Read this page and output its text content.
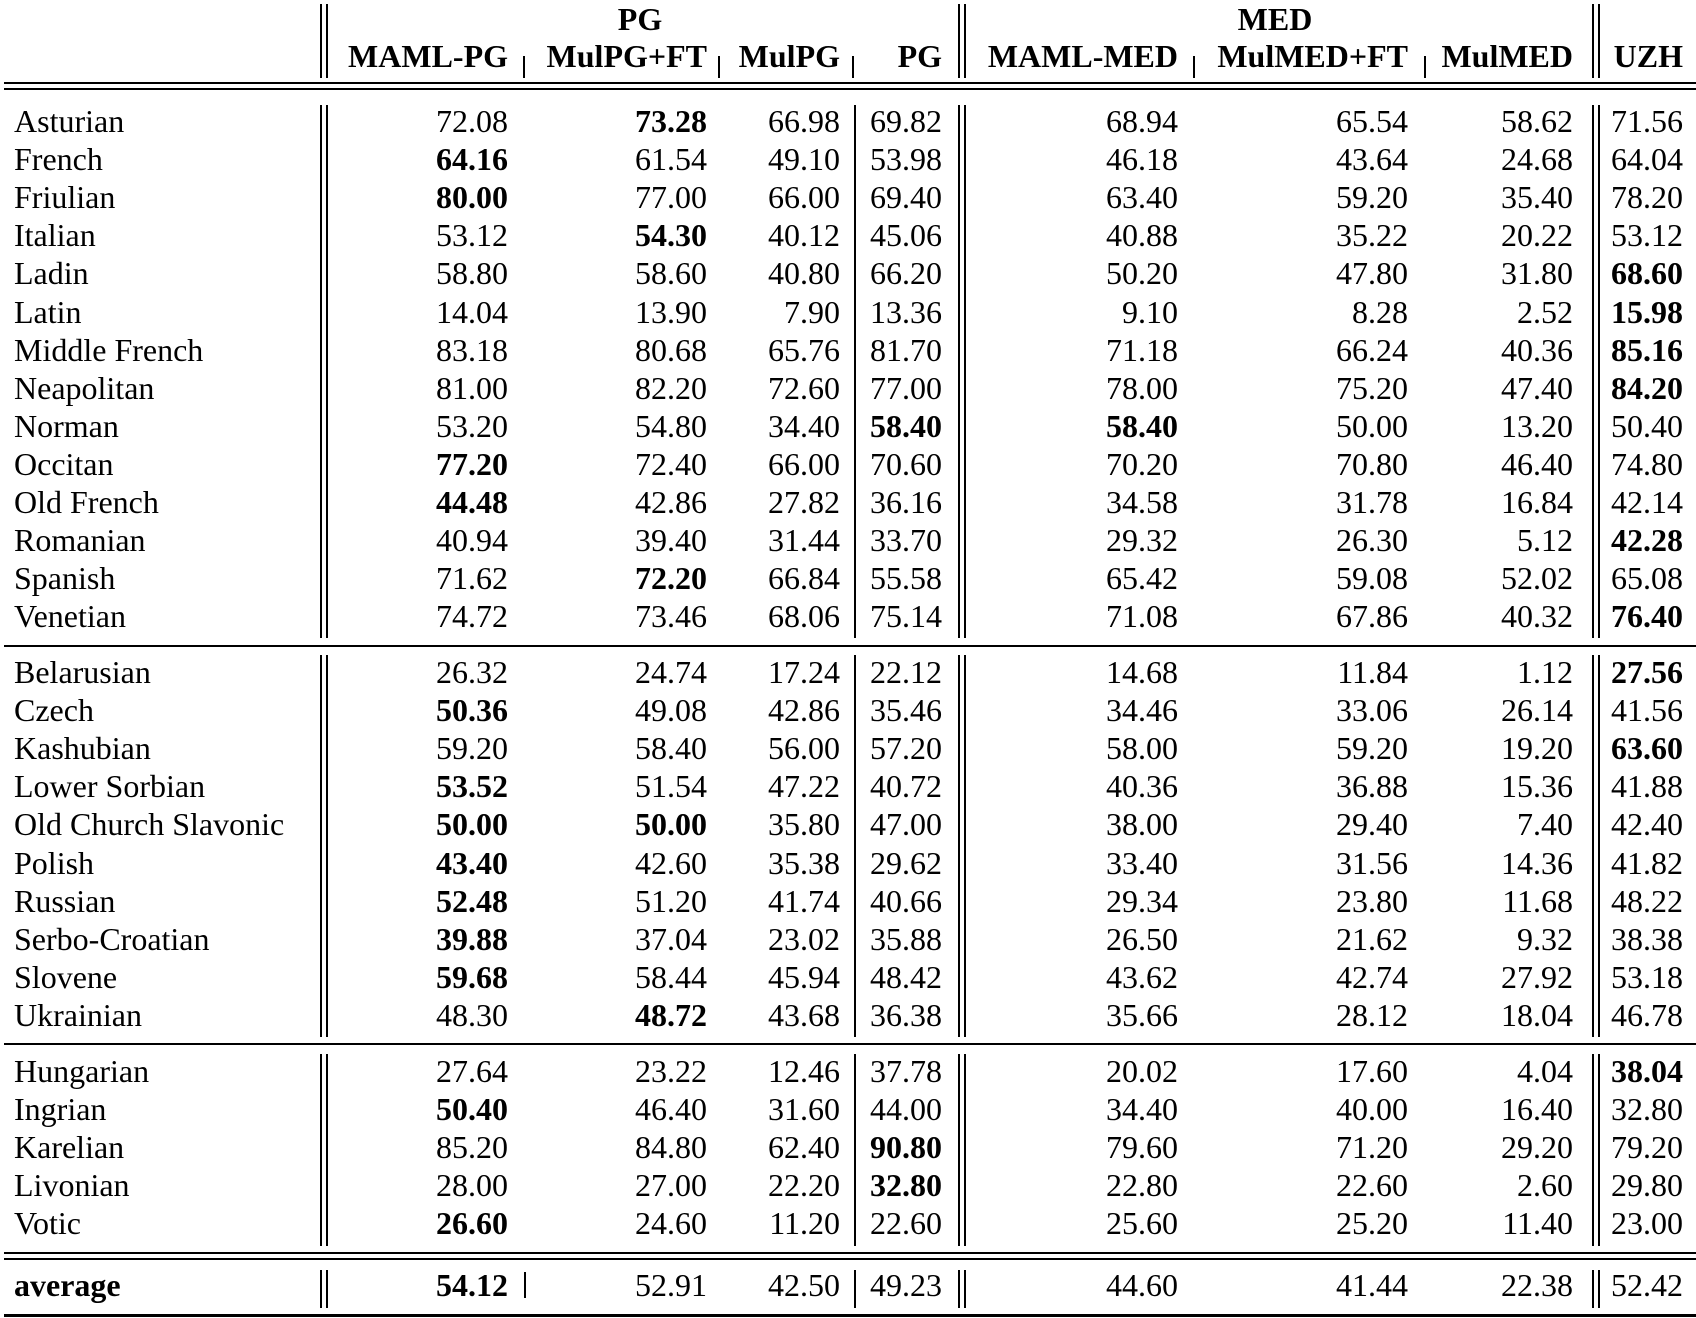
PG	MED
MAML-PG MulPG+FT MulPG PG MAML-MED MulMED+FT MulMED UZH
Asturian	72.08	73.28 66.98 69.82	68.94	65.54	58.62 71.56
French	64.16	61.54 49.10 53.98	46.18	43.64	24.68 64.04
Friulian	80.00	77.00 66.00 69.40	63.40	59.20	35.40 78.20
Italian	53.12	54.30 40.12 45.06	40.88	35.22	20.22 53.12
Ladin	58.80	58.60 40.80 66.20	50.20	47.80	31.80 68.60
Latin	14.04	13.90 7.90 13.36	9.10	8.28	2.52 15.98
Middle French	83.18	80.68 65.76 81.70	71.18	66.24	40.36 85.16
Neapolitan	81.00	82.20 72.60 77.00	78.00	75.20	47.40 84.20
Norman	53.20	54.80 34.40 58.40	58.40	50.00	13.20 50.40
Occitan	77.20	72.40 66.00 70.60	70.20	70.80	46.40 74.80
Old French	44.48	42.86 27.82 36.16	34.58	31.78	16.84 42.14
Romanian	40.94	39.40 31.44 33.70	29.32	26.30	5.12 42.28
Spanish	71.62	72.20 66.84 55.58	65.42	59.08	52.02 65.08
Venetian	74.72	73.46 68.06 75.14	71.08	67.86	40.32 76.40
Belarusian	26.32	24.74 17.24 22.12	14.68	11.84	1.12 27.56
Czech	50.36	49.08 42.86 35.46	34.46	33.06	26.14 41.56
Kashubian	59.20	58.40 56.00 57.20	58.00	59.20	19.20 63.60
Lower Sorbian	53.52	51.54 47.22 40.72	40.36	36.88	15.36 41.88
Old Church Slavonic	50.00	50.00 35.80 47.00	38.00	29.40	7.40 42.40
Polish	43.40	42.60 35.38 29.62	33.40	31.56	14.36 41.82
Russian	52.48	51.20 41.74 40.66	29.34	23.80	11.68 48.22
Serbo-Croatian	39.88	37.04 23.02 35.88	26.50	21.62	9.32 38.38
Slovene	59.68	58.44 45.94 48.42	43.62	42.74	27.92 53.18
Ukrainian	48.30	48.72 43.68 36.38	35.66	28.12	18.04 46.78
Hungarian	27.64	23.22 12.46 37.78	20.02	17.60	4.04 38.04
Ingrian	50.40	46.40 31.60 44.00	34.40	40.00	16.40 32.80
Karelian	85.20	84.80 62.40 90.80	79.60	71.20	29.20 79.20
Livonian	28.00	27.00 22.20 32.80	22.80	22.60	2.60 29.80
Votic	26.60	24.60 11.20 22.60	25.60	25.20	11.40 23.00
average	54.12	52.91 42.50 49.23	44.60	41.44	22.38 52.42
